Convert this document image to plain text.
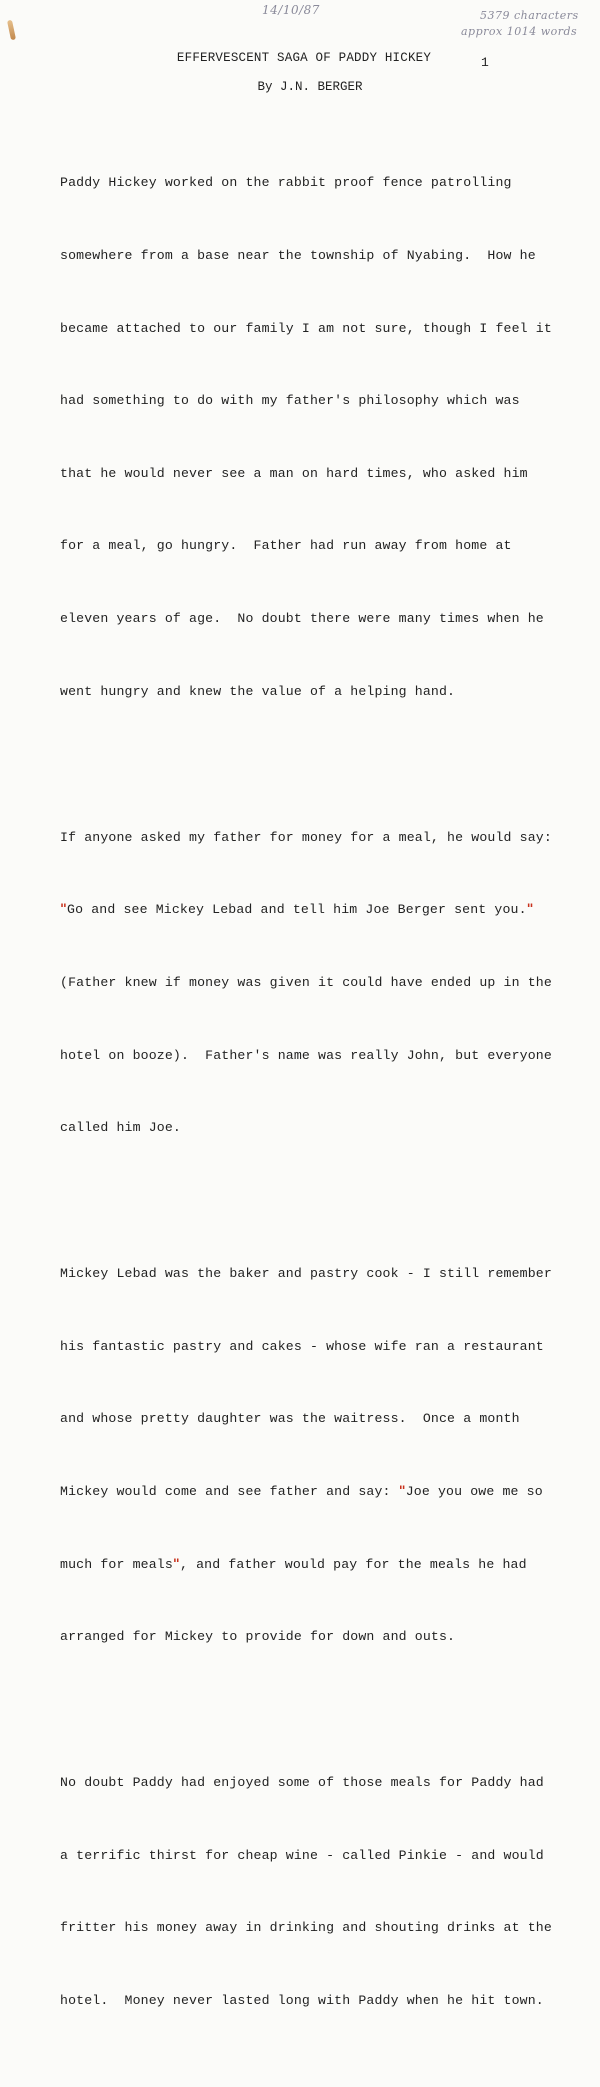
14/10/87	5379 characters
approx 1014 words
1
EFFERVESCENT SAGA OF PADDY HICKEY
By J.N. BERGER

Paddy Hickey worked on the rabbit proof fence patrolling

somewhere from a base near the township of Nyabing.  How he

became attached to our family I am not sure, though I feel it

had something to do with my father's philosophy which was

that he would never see a man on hard times, who asked him

for a meal, go hungry.  Father had run away from home at

eleven years of age.  No doubt there were many times when he

went hungry and knew the value of a helping hand.

If anyone asked my father for money for a meal, he would say:

"Go and see Mickey Lebad and tell him Joe Berger sent you."

(Father knew if money was given it could have ended up in the

hotel on booze).  Father's name was really John, but everyone

called him Joe.

Mickey Lebad was the baker and pastry cook - I still remember

his fantastic pastry and cakes - whose wife ran a restaurant

and whose pretty daughter was the waitress.  Once a month

Mickey would come and see father and say: "Joe you owe me so

much for meals", and father would pay for the meals he had

arranged for Mickey to provide for down and outs.

No doubt Paddy had enjoyed some of those meals for Paddy had

a terrific thirst for cheap wine - called Pinkie - and would

fritter his money away in drinking and shouting drinks at the

hotel.  Money never lasted long with Paddy when he hit town.
